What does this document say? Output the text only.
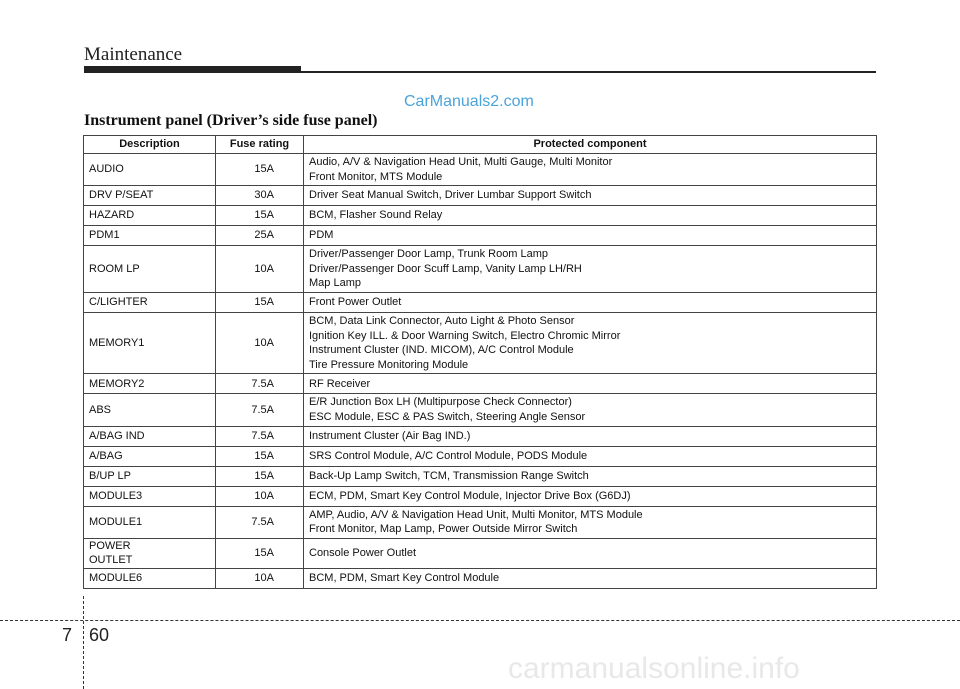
Maintenance
CarManuals2.com
Instrument panel (Driver’s side fuse panel)
Description	Fuse rating	Protected component

AUDIO	15A	Audio, A/V & Navigation Head Unit, Multi Gauge, Multi Monitor
Front Monitor, MTS Module

DRV P/SEAT	30A	Driver Seat Manual Switch, Driver Lumbar Support Switch

HAZARD	15A	BCM, Flasher Sound Relay

PDM1	25A	PDM

ROOM LP	10A	Driver/Passenger Door Lamp, Trunk Room Lamp
Driver/Passenger Door Scuff Lamp, Vanity Lamp LH/RH
Map Lamp

C/LIGHTER	15A	Front Power Outlet

MEMORY1	10A	BCM, Data Link Connector, Auto Light & Photo Sensor
Ignition Key ILL. & Door Warning Switch, Electro Chromic Mirror
Instrument Cluster (IND. MICOM), A/C Control Module
Tire Pressure Monitoring Module

MEMORY2	7.5A	RF Receiver

ABS	7.5A	E/R Junction Box LH (Multipurpose Check Connector)
ESC Module, ESC & PAS Switch, Steering Angle Sensor

A/BAG IND	7.5A	Instrument Cluster (Air Bag IND.)

A/BAG	15A	SRS Control Module, A/C Control Module, PODS Module

B/UP LP	15A	Back-Up Lamp Switch, TCM, Transmission Range Switch

MODULE3	10A	ECM, PDM, Smart Key Control Module, Injector Drive Box (G6DJ)

MODULE1	7.5A	AMP, Audio, A/V & Navigation Head Unit, Multi Monitor, MTS Module
Front Monitor, Map Lamp, Power Outside Mirror Switch

POWER
OUTLET	15A	Console Power Outlet

MODULE6	10A	BCM, PDM, Smart Key Control Module
7 60
carmanualsonline.info
